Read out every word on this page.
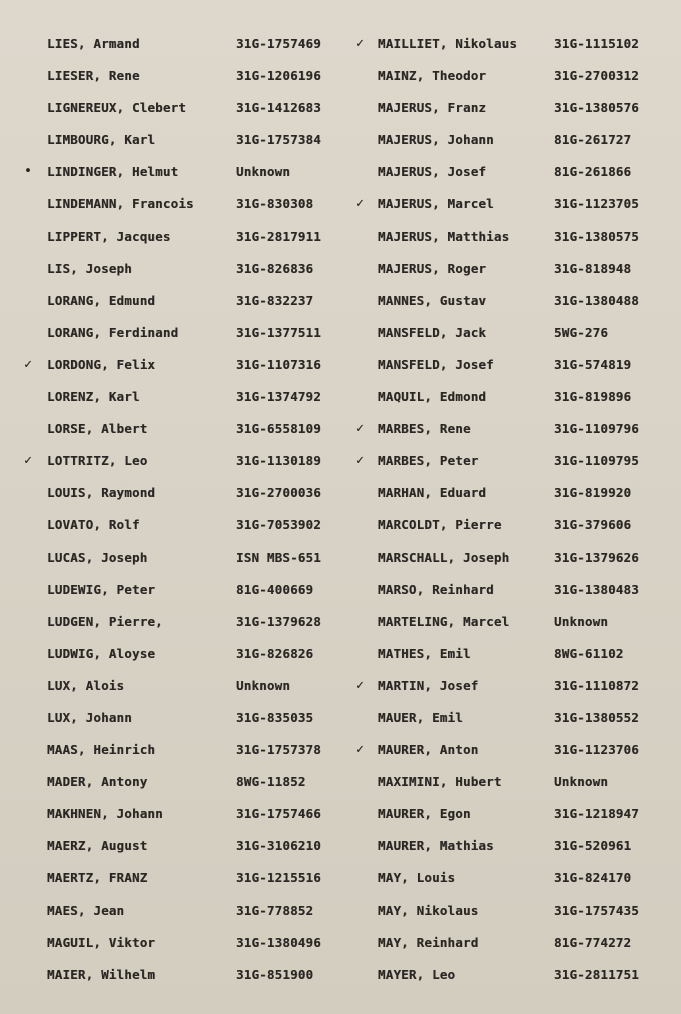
LIES, Armand	31G-1757469
LIESER, Rene	31G-1206196
LIGNEREUX, Clebert	31G-1412683
LIMBOURG, Karl	31G-1757384
• LINDINGER, Helmut	Unknown
LINDEMANN, Francois	31G-830308
LIPPERT, Jacques	31G-2817911
LIS, Joseph	31G-826836
LORANG, Edmund	31G-832237
LORANG, Ferdinand	31G-1377511
✓ LORDONG, Felix	31G-1107316
LORENZ, Karl	31G-1374792
LORSE, Albert	31G-6558109
✓ LOTTRITZ, Leo	31G-1130189
LOUIS, Raymond	31G-2700036
LOVATO, Rolf	31G-7053902
LUCAS, Joseph	ISN MBS-651
LUDEWIG, Peter	81G-400669
LUDGEN, Pierre,	31G-1379628
LUDWIG, Aloyse	31G-826826
LUX, Alois	Unknown
LUX, Johann	31G-835035
MAAS, Heinrich	31G-1757378
MADER, Antony	8WG-11852
MAKHNEN, Johann	31G-1757466
MAERZ, August	31G-3106210
MAERTZ, FRANZ	31G-1215516
MAES, Jean	31G-778852
MAGUIL, Viktor	31G-1380496
MAIER, Wilhelm	31G-851900
✓ MAILLIET, Nikolaus	31G-1115102
MAINZ, Theodor	31G-2700312
MAJERUS, Franz	31G-1380576
MAJERUS, Johann	81G-261727
MAJERUS, Josef	81G-261866
✓ MAJERUS, Marcel	31G-1123705
MAJERUS, Matthias	31G-1380575
MAJERUS, Roger	31G-818948
MANNES, Gustav	31G-1380488
MANSFELD, Jack	5WG-276
MANSFELD, Josef	31G-574819
MAQUIL, Edmond	31G-819896
✓ MARBES, Rene	31G-1109796
✓ MARBES, Peter	31G-1109795
MARHAN, Eduard	31G-819920
MARCOLDT, Pierre	31G-379606
MARSCHALL, Joseph	31G-1379626
MARSO, Reinhard	31G-1380483
MARTELING, Marcel	Unknown
MATHES, Emil	8WG-61102
✓ MARTIN, Josef	31G-1110872
MAUER, Emil	31G-1380552
✓ MAURER, Anton	31G-1123706
MAXIMINI, Hubert	Unknown
MAURER, Egon	31G-1218947
MAURER, Mathias	31G-520961
MAY, Louis	31G-824170
MAY, Nikolaus	31G-1757435
MAY, Reinhard	81G-774272
MAYER, Leo	31G-2811751
